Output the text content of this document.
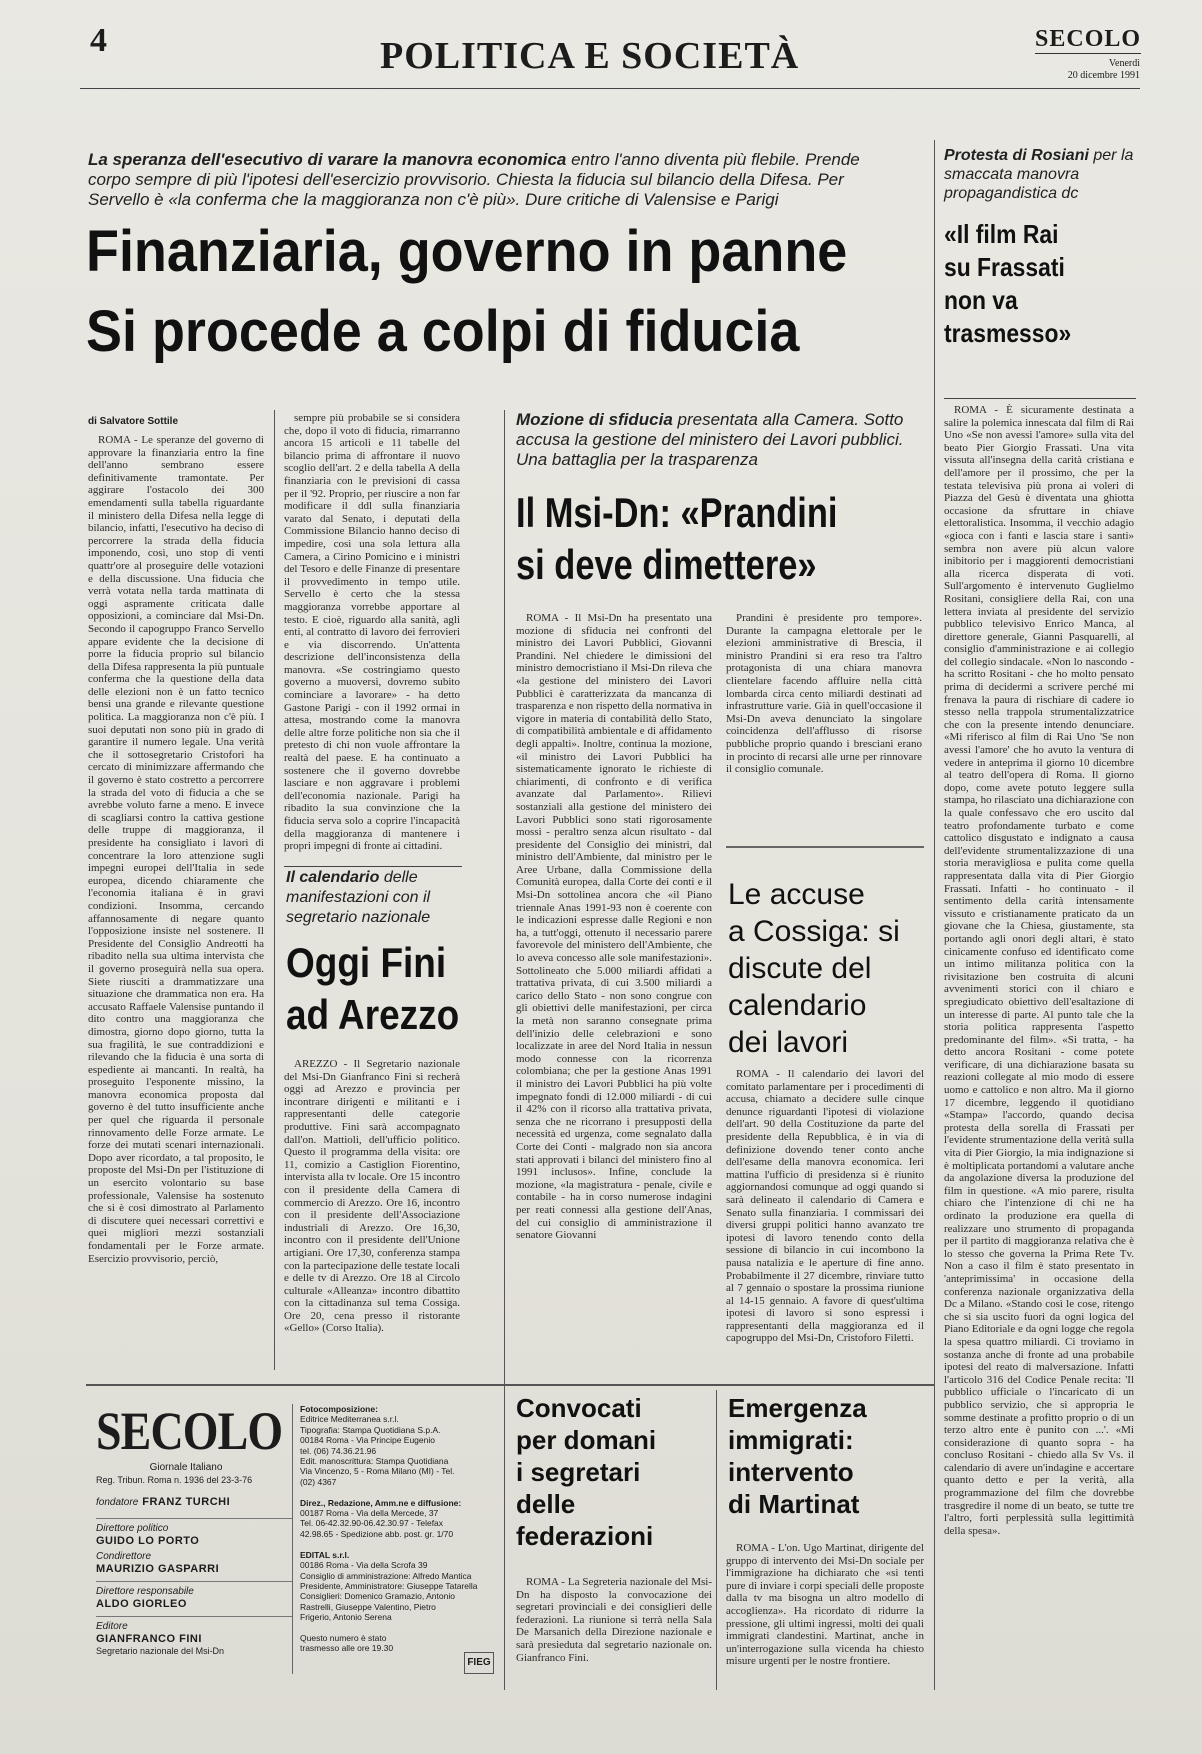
4	POLITICA E SOCIETÀ	SECOLO
Venerdì
20 dicembre 1991
La speranza dell'esecutivo di varare la manovra economica entro l'anno diventa più flebile. Prende corpo sempre di più l'ipotesi dell'esercizio provvisorio. Chiesta la fiducia sul bilancio della Difesa. Per Servello è «la conferma che la maggioranza non c'è più». Dure critiche di Valensise e Parigi
Finanziaria, governo in panne
Si procede a colpi di fiducia
di Salvatore Sottile

ROMA - Le speranze del governo di approvare la finanziaria entro la fine dell'anno sembrano essere definitivamente tramontate. Per aggirare l'ostacolo dei 300 emendamenti sulla tabella riguardante il ministero della Difesa nella legge di bilancio, infatti, l'esecutivo ha deciso di percorrere la strada della fiducia imponendo, così, uno stop di venti quattr'ore al proseguire delle votazioni e della discussione. Una fiducia che verrà votata nella tarda mattinata di oggi aspramente criticata dalle opposizioni, a cominciare dal Msi-Dn. Secondo il capogruppo Franco Servello appare evidente che la decisione di porre la fiducia proprio sul bilancio della Difesa rappresenta la più puntuale conferma che la questione della data delle elezioni non è un fatto tecnico bensì una grande e rilevante questione politica. La maggioranza non c'è più. I suoi deputati non sono più in grado di garantire il numero legale. Una verità che il sottosegretario Cristofori ha cercato di minimizzare affermando che il governo è stato costretto a percorrere la strada del voto di fiducia a che se avrebbe voluto farne a meno. E invece di scagliarsi contro la cattiva gestione delle truppe di maggioranza, il presidente ha consigliato i lavori di concentrare la loro attenzione sugli impegni europei dell'Italia in sede europea, dicendo chiaramente che l'economia italiana è in gravi condizioni. Insomma, cercando affannosamente di negare quanto l'opposizione insiste nel sostenere. Il Presidente del Consiglio Andreotti ha ribadito nella sua ultima intervista che il governo proseguirà nella sua opera. Siete riusciti a drammatizzare una situazione che drammatica non era. Ha accusato Raffaele Valensise puntando il dito contro una maggioranza che dimostra, giorno dopo giorno, tutta la sua fragilità, le sue contraddizioni e rilevando che la fiducia è una sorta di espediente ai mancanti. In realtà, ha proseguito l'esponente missino, la manovra economica proposta dal governo è del tutto insufficiente anche per quel che riguarda il personale rinnovamento delle Forze armate. Le forze dei mutati scenari internazionali. Dopo aver ricordato, a tal proposito, le proposte del Msi-Dn per l'istituzione di un esercito volontario su base professionale, Valensise ha sostenuto che si è così dimostrato al Parlamento di discutere quei necessari correttivi e quei migliori mezzi sostanziali fondamentali per le Forze armate. Esercizio provvisorio, perciò,

sempre più probabile se si considera che, dopo il voto di fiducia, rimarranno ancora 15 articoli e 11 tabelle del bilancio prima di affrontare il nuovo scoglio dell'art. 2 e della tabella A della finanziaria con le previsioni di cassa per il '92. Proprio, per riuscire a non far modificare il ddl sulla finanziaria varato dal Senato, i deputati della Commissione Bilancio hanno deciso di impedire, così una sola lettura alla Camera, a Cirino Pomicino e i ministri del Tesoro e delle Finanze di presentare il provvedimento in tempo utile. Servello è certo che la stessa maggioranza vorrebbe apportare al testo. E cioè, riguardo alla sanità, agli enti, al contratto di lavoro dei ferrovieri e via discorrendo. Un'attenta descrizione dell'inconsistenza della manovra. «Se costringiamo questo governo a muoversi, dovremo subito cominciare a lavorare» - ha detto Gastone Parigi - con il 1992 ormai in attesa, mostrando come la manovra delle altre forze politiche non sia che il pretesto di chi non vuole affrontare la realtà del paese. E ha continuato a sostenere che il governo dovrebbe lasciare e non aggravare i problemi dell'economia nazionale. Parigi ha ribadito la sua convinzione che la fiducia serva solo a coprire l'incapacità della maggioranza di mantenere i propri impegni di fronte ai cittadini.

Il calendario delle manifestazioni con il segretario nazionale
Oggi Fini
ad Arezzo

AREZZO - Il Segretario nazionale del Msi-Dn Gianfranco Fini si recherà oggi ad Arezzo e provincia per incontrare dirigenti e militanti e i rappresentanti delle categorie produttive. Fini sarà accompagnato dall'on. Mattioli, dell'ufficio politico. Questo il programma della visita: ore 11, comizio a Castiglion Fiorentino, intervista alla tv locale. Ore 15 incontro con il presidente della Camera di commercio di Arezzo. Ore 16, incontro con il presidente dell'Associazione industriali di Arezzo. Ore 16,30, incontro con il presidente dell'Unione artigiani. Ore 17,30, conferenza stampa con la partecipazione delle testate locali e delle tv di Arezzo. Ore 18 al Circolo culturale «Alleanza» incontro dibattito con la cittadinanza sul tema Cossiga. Ore 20, cena presso il ristorante «Gello» (Corso Italia).

Mozione di sfiducia presentata alla Camera. Sotto accusa la gestione del ministero dei Lavori pubblici. Una battaglia per la trasparenza
Il Msi-Dn: «Prandini
si deve dimettere»

ROMA - Il Msi-Dn ha presentato una mozione di sfiducia nei confronti del ministro dei Lavori Pubblici, Giovanni Prandini. Nel chiedere le dimissioni del ministro democristiano il Msi-Dn rileva che «la gestione del ministero dei Lavori Pubblici è caratterizzata da mancanza di trasparenza e non rispetto della normativa in vigore in materia di contabilità dello Stato, di compatibilità ambientale e di affidamento degli appalti». Inoltre, continua la mozione, «il ministro dei Lavori Pubblici ha sistematicamente ignorato le richieste di chiarimenti, di confronto e di verifica avanzate dal Parlamento». Rilievi sostanziali alla gestione del ministero dei Lavori Pubblici sono stati rigorosamente mossi - peraltro senza alcun risultato - dal presidente del Consiglio dei ministri, dal ministro dell'Ambiente, dal ministro per le Aree Urbane, dalla Commissione della Comunità europea, dalla Corte dei conti e il Msi-Dn sottolinea ancora che «il Piano triennale Anas 1991-93 non è coerente con le indicazioni espresse dalle Regioni e non ha, a tutt'oggi, ottenuto il necessario parere favorevole del ministero dell'Ambiente, che lo aveva concesso alle sole manifestazioni». Sottolineato che 5.000 miliardi affidati a trattativa privata, di cui 3.500 miliardi a carico dello Stato - non sono congrue con gli obiettivi delle manifestazioni, per circa la metà non saranno consegnate prima dell'inizio delle celebrazioni e sono localizzate in aree del Nord Italia in nessun modo connesse con la ricorrenza colombiana; che per la gestione Anas 1991 il ministro dei Lavori Pubblici ha più volte impegnato fondi di 12.000 miliardi - di cui il 42% con il ricorso alla trattativa privata, senza che ne ricorrano i presupposti della necessità ed urgenza, come segnalato dalla Corte dei Conti - malgrado non sia ancora stati approvati i bilanci del ministero fino al 1991 inclusos». Infine, conclude la mozione, «la magistratura - penale, civile e contabile - ha in corso numerose indagini per reati connessi alla gestione dell'Anas, del cui consiglio di amministrazione il senatore Giovanni

Prandini è presidente pro tempore». Durante la campagna elettorale per le elezioni amministrative di Brescia, il ministro Prandini si era reso tra l'altro protagonista di una chiara manovra clientelare facendo affluire nella città lombarda circa cento miliardi destinati ad infrastrutture varie. Già in quell'occasione il Msi-Dn aveva denunciato la singolare coincidenza dell'afflusso di risorse pubbliche proprio quando i bresciani erano in procinto di recarsi alle urne per rinnovare il consiglio comunale.

Le accuse
a Cossiga: si
discute del
calendario
dei lavori

ROMA - Il calendario dei lavori del comitato parlamentare per i procedimenti di accusa, chiamato a decidere sulle cinque denunce riguardanti l'ipotesi di violazione dell'art. 90 della Costituzione da parte del presidente della Repubblica, è in via di definizione dovendo tener conto anche dell'esame della manovra economica. Ieri mattina l'ufficio di presidenza si è riunito aggiornandosi comunque ad oggi quando si sarà delineato il calendario di Camera e Senato sulla finanziaria. I commissari dei diversi gruppi politici hanno avanzato tre ipotesi di lavoro tenendo conto della sessione di bilancio in cui incombono la pausa natalizia e le aperture di fine anno. Probabilmente il 27 dicembre, rinviare tutto al 7 gennaio o spostare la prossima riunione al 14-15 gennaio. A favore di quest'ultima ipotesi di lavoro si sono espressi i rappresentanti della maggioranza ed il capogruppo del Msi-Dn, Cristoforo Filetti.

SECOLO
Giornale Italiano
Reg. Tribun. Roma n. 1936 del 23-3-76
fondatore FRANZ TURCHI
Direttore politico
GUIDO LO PORTO
Condirettore
MAURIZIO GASPARRI
Direttore responsabile
ALDO GIORLEO
Editore
GIANFRANCO FINI
Segretario nazionale del Msi-Dn
Fotocomposizione:
Editrice Mediterranea s.r.l.
Tipografia: Stampa Quotidiana S.p.A.
00184 Roma - Via Principe Eugenio
tel. (06) 74.36.21.96
Edit. manoscrittura: Stampa Quotidiana
Via Vincenzo, 5 - Roma Milano (MI) - Tel.
(02) 4367

Direz., Redazione, Amm.ne e diffusione:
00187 Roma - Via della Mercede, 37
Tel. 06-42.32.90-06.42.30.97 - Telefax
42.98.65 - Spedizione abb. post. gr. 1/70

EDITAL s.r.l.
00186 Roma - Via della Scrofa 39
Consiglio di amministrazione: Alfredo Mantica
Presidente, Amministratore: Giuseppe Tatarella
Consiglieri: Domenico Gramazio, Antonio
Rastrelli, Giuseppe Valentino, Pietro
Frigerio, Antonio Serena

Questo numero è stato
trasmesso alle ore 19.30
FIEG
Convocati
per domani
i segretari
delle
federazioni

ROMA - La Segreteria nazionale del Msi-Dn ha disposto la convocazione dei segretari provinciali e dei consiglieri delle federazioni. La riunione si terrà nella Sala De Marsanich della Direzione nazionale e sarà presieduta dal segretario nazionale on. Gianfranco Fini.

Emergenza
immigrati:
intervento
di Martinat

ROMA - L'on. Ugo Martinat, dirigente del gruppo di intervento dei Msi-Dn sociale per l'immigrazione ha dichiarato che «si tenti pure di inviare i corpi speciali delle proposte dalla tv ma bisogna un altro modello di accoglienza». Ha ricordato di ridurre la pressione, gli ultimi ingressi, molti dei quali immigrati clandestini. Martinat, anche in un'interrogazione sulla vicenda ha chiesto misure urgenti per le nostre frontiere.

Protesta di Rosiani per la smaccata manovra propagandistica dc
«Il film Rai
su Frassati
non va
trasmesso»

ROMA - È sicuramente destinata a salire la polemica innescata dal film di Rai Uno «Se non avessi l'amore» sulla vita del beato Pier Giorgio Frassati. Una vita vissuta all'insegna della carità cristiana e dell'amore per il prossimo, che per la testata televisiva più prona ai voleri di Piazza del Gesù è diventata una ghiotta occasione da sfruttare in chiave elettoralistica. Insomma, il vecchio adagio «gioca con i fanti e lascia stare i santi» sembra non avere più alcun valore inibitorio per i maggiorenti democristiani alla ricerca disperata di voti. Sull'argomento è intervenuto Guglielmo Rositani, consigliere della Rai, con una lettera inviata al presidente del servizio pubblico televisivo Enrico Manca, al direttore generale, Gianni Pasquarelli, al consiglio d'amministrazione e ai collegio del collegio sindacale. «Non lo nascondo - ha scritto Rositani - che ho molto pensato prima di decidermi a scrivere perché mi frenava la paura di rischiare di cadere io stesso nella trappola strumentalizzatrice che con la presente intendo denunciare. «Mi riferisco al film di Rai Uno 'Se non avessi l'amore' che ho avuto la ventura di vedere in anteprima il giorno 10 dicembre al teatro dell'opera di Roma. Il giorno dopo, come avete potuto leggere sulla stampa, ho rilasciato una dichiarazione con la quale confessavo che ero uscito dal teatro profondamente turbato e come cattolico disgustato e indignato a causa dell'evidente strumentalizzazione di una storia meravigliosa e pulita come quella rappresentata dalla vita di Pier Giorgio Frassati. Infatti - ho continuato - il sentimento della carità intensamente vissuto e cristianamente praticato da un giovane che la Chiesa, giustamente, sta portando agli onori degli altari, è stato cinicamente confuso ed identificato come un intimo militanza politica con la rivisitazione ben costruita di alcuni avvenimenti storici con il chiaro e spregiudicato obiettivo dell'esaltazione di un interesse di parte. Al punto tale che la storia politica rappresenta l'aspetto predominante del film». «Si tratta, - ha detto ancora Rositani - come potete verificare, di una dichiarazione basata su reazioni collegate al mio modo di essere uomo e cattolico e non altro. Ma il giorno 17 dicembre, leggendo il quotidiano «Stampa» l'accordo, quando decisa protesta della sorella di Frassati per l'evidente strumentazione della verità sulla vita di Pier Giorgio, la mia indignazione si è moltiplicata portandomi a valutare anche da angolazione diversa la produzione del film in questione. «A mio parere, risulta chiaro che l'intenzione di chi ne ha ordinato la produzione era quella di realizzare uno strumento di propaganda per il partito di maggioranza relativa che è lo stesso che governa la Prima Rete Tv. Non a caso il film è stato presentato in 'anteprimissima' in occasione della conferenza nazionale organizzativa della Dc a Milano. «Stando così le cose, ritengo che si sia uscito fuori da ogni logica del Piano Editoriale e da ogni logge che regola la spesa quattro miliardi. Ci troviamo in sostanza anche di fronte ad una probabile ipotesi del reato di malversazione. Infatti l'articolo 316 del Codice Penale recita: 'Il pubblico ufficiale o l'incaricato di un pubblico servizio, che si appropria le somme destinate a profitto proprio o di un terzo altro ente è punito con ...'. «Mi considerazione di quanto sopra - ha concluso Rositani - chiedo alla Sv Vs. il calendario di avere un'indagine e accertare quanto detto e per la verità, alla programmazione del film che dovrebbe trasgredire il nome di un beato, se tutte tre l'altro, forti perplessità sulla legittimità della spesa».
